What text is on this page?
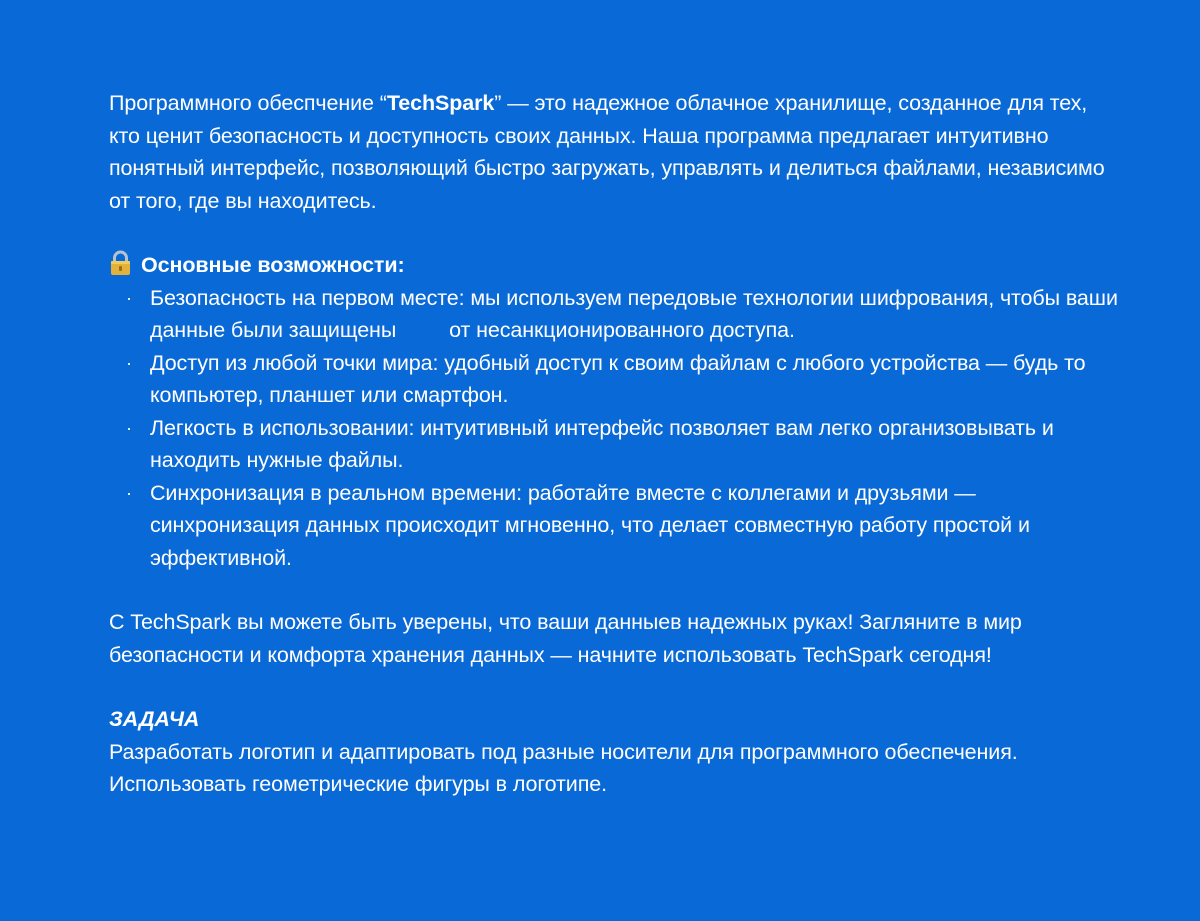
Программного обеспчение “TechSpark” — это надежное облачное хранилище, созданное для тех, кто ценит безопасность и доступность своих данных. Наша программа предлагает интуитивно понятный интерфейс, позволяющий быстро загружать, управлять и делиться файлами, независимо от того, где вы находитесь.

Основные возможности:
· Безопасность на первом месте: мы используем передовые технологии шифрования, чтобы ваши данные были защищены от несанкционированного доступа.
· Доступ из любой точки мира: удобный доступ к своим файлам с любого устройства — будь то компьютер, планшет или смартфон.
· Легкость в использовании: интуитивный интерфейс позволяет вам легко организовывать и находить нужные файлы.
· Синхронизация в реальном времени: работайте вместе с коллегами и друзьями — синхронизация данных происходит мгновенно, что делает совместную работу простой и эффективной.

С TechSpark вы можете быть уверены, что ваши данныев надежных руках! Загляните в мир безопасности и комфорта хранения данных — начните использовать TechSpark сегодня!

ЗАДАЧА

Разработать логотип и адаптировать под разные носители для программного обеспечения. Использовать геометрические фигуры в логотипе.
